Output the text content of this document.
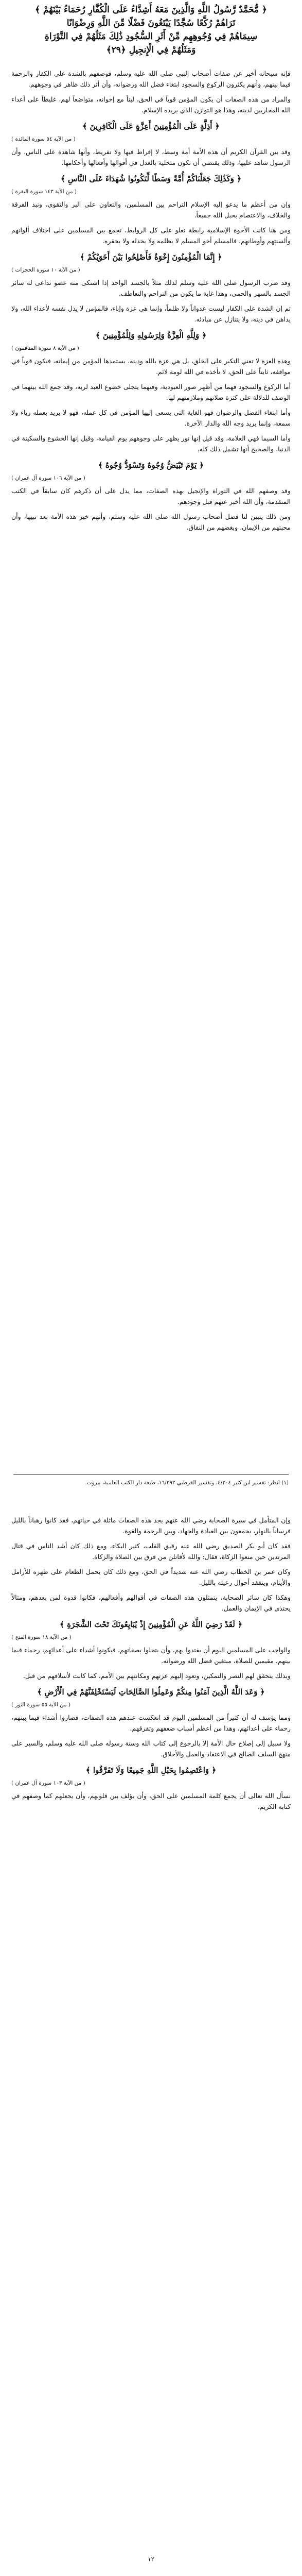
﴿ مُّحَمَّدٌ رَّسُولُ اللَّهِ وَالَّذِينَ مَعَهُ أَشِدَّاءُ عَلَى الْكُفَّارِ رُحَمَاءُ بَيْنَهُمْ ﴾
تَرَاهُمْ رُكَّعًا سُجَّدًا يَبْتَغُونَ فَضْلًا مِّنَ اللَّهِ وَرِضْوَانًا
سِيمَاهُمْ فِي وُجُوهِهِم مِّنْ أَثَرِ السُّجُودِ ذَٰلِكَ مَثَلُهُمْ فِي التَّوْرَاةِ
وَمَثَلُهُمْ فِي الْإِنجِيلِ ﴿٢٩﴾

فإنه سبحانه أخبر عن صفات أصحاب النبي صلى الله عليه وسلم، فوصفهم بالشدة على الكفار والرحمة فيما بينهم، وأنهم يكثرون الركوع والسجود ابتغاء فضل الله ورضوانه، وأن أثر ذلك ظاهر في وجوههم.

والمراد من هذه الصفات أن يكون المؤمن قوياً في الحق، ليناً مع إخوانه، متواضعاً لهم، غليظاً على أعداء الله المحاربين لدينه، وهذا هو التوازن الذي يريده الإسلام.

﴿ أَذِلَّةٍ عَلَى الْمُؤْمِنِينَ أَعِزَّةٍ عَلَى الْكَافِرِينَ ﴾
( من الآية ٥٤ سورة المائدة )

وقد بين القرآن الكريم أن هذه الأمة أمة وسط، لا إفراط فيها ولا تفريط، وأنها شاهدة على الناس، وأن الرسول شاهد عليها، وذلك يقتضي أن تكون متحلية بالعدل في أقوالها وأفعالها وأحكامها.

﴿ وَكَذَٰلِكَ جَعَلْنَاكُمْ أُمَّةً وَسَطًا لِّتَكُونُوا شُهَدَاءَ عَلَى النَّاسِ ﴾
( من الآية ١٤٣ سورة البقرة )

وإن من أعظم ما يدعو إليه الإسلام التراحم بين المسلمين، والتعاون على البر والتقوى، ونبذ الفرقة والخلاف، والاعتصام بحبل الله جميعاً.

ومن هنا كانت الأخوة الإسلامية رابطة تعلو على كل الروابط، تجمع بين المسلمين على اختلاف ألوانهم وألسنتهم وأوطانهم، فالمسلم أخو المسلم لا يظلمه ولا يخذله ولا يحقره.

﴿ إِنَّمَا الْمُؤْمِنُونَ إِخْوَةٌ فَأَصْلِحُوا بَيْنَ أَخَوَيْكُمْ ﴾
( من الآية ١٠ سورة الحجرات )

وقد ضرب الرسول صلى الله عليه وسلم لذلك مثلاً بالجسد الواحد إذا اشتكى منه عضو تداعى له سائر الجسد بالسهر والحمى، وهذا غاية ما يكون من التراحم والتعاطف.

ثم إن الشدة على الكفار ليست عدواناً ولا ظلماً، وإنما هي عزة وإباء، فالمؤمن لا يذل نفسه لأعداء الله، ولا يداهن في دينه، ولا يتنازل عن مبادئه.

﴿ وَلِلَّهِ الْعِزَّةُ وَلِرَسُولِهِ وَلِلْمُؤْمِنِينَ ﴾
( من الآية ٨ سورة المنافقون )

وهذه العزة لا تعني التكبر على الخلق، بل هي عزة بالله ودينه، يستمدها المؤمن من إيمانه، فيكون قوياً في مواقفه، ثابتاً على الحق، لا تأخذه في الله لومة لائم.

أما الركوع والسجود فهما من أظهر صور العبودية، وفيهما يتجلى خضوع العبد لربه، وقد جمع الله بينهما في الوصف للدلالة على كثرة صلاتهم وملازمتهم لها.

وأما ابتغاء الفضل والرضوان فهو الغاية التي يسعى إليها المؤمن في كل عمله، فهو لا يريد بعمله رياء ولا سمعة، وإنما يريد وجه الله والدار الآخرة.

وأما السيما فهي العلامة، وقد قيل إنها نور يظهر على وجوههم يوم القيامة، وقيل إنها الخشوع والسكينة في الدنيا، والصحيح أنها تشمل ذلك كله.

﴿ يَوْمَ تَبْيَضُّ وُجُوهٌ وَتَسْوَدُّ وُجُوهٌ ﴾
( من الآية ١٠٦ سورة آل عمران )

وقد وصفهم الله في التوراة والإنجيل بهذه الصفات، مما يدل على أن ذكرهم كان سابقاً في الكتب المتقدمة، وأن الله أخبر عنهم قبل وجودهم.

ومن ذلك يتبين لنا فضل أصحاب رسول الله صلى الله عليه وسلم، وأنهم خير هذه الأمة بعد نبيها، وأن محبتهم من الإيمان، وبغضهم من النفاق.

(١) انظر: تفسير ابن كثير ٤/٢٠٤، وتفسير القرطبي ١٦/٢٩٢، طبعة دار الكتب العلمية، بيروت.

وإن المتأمل في سيرة الصحابة رضي الله عنهم يجد هذه الصفات ماثلة في حياتهم، فقد كانوا رهباناً بالليل فرساناً بالنهار، يجمعون بين العبادة والجهاد، وبين الرحمة والقوة.

فقد كان أبو بكر الصديق رضي الله عنه رقيق القلب، كثير البكاء، ومع ذلك كان أشد الناس في قتال المرتدين حين منعوا الزكاة، فقال: والله لأقاتلن من فرق بين الصلاة والزكاة.

وكان عمر بن الخطاب رضي الله عنه شديداً في الحق، ومع ذلك كان يحمل الطعام على ظهره للأرامل والأيتام، ويتفقد أحوال رعيته بالليل.

وهكذا كان سائر الصحابة، يتمثلون هذه الصفات في أقوالهم وأفعالهم، فكانوا قدوة لمن بعدهم، ومثالاً يحتذى في الإيمان والعمل.

﴿ لَقَدْ رَضِيَ اللَّهُ عَنِ الْمُؤْمِنِينَ إِذْ يُبَايِعُونَكَ تَحْتَ الشَّجَرَةِ ﴾
( من الآية ١٨ سورة الفتح )

والواجب على المسلمين اليوم أن يقتدوا بهم، وأن يتحلوا بصفاتهم، فيكونوا أشداء على أعدائهم، رحماء فيما بينهم، مقيمين للصلاة، مبتغين فضل الله ورضوانه.

وبذلك يتحقق لهم النصر والتمكين، وتعود إليهم عزتهم ومكانتهم بين الأمم، كما كانت لأسلافهم من قبل.

﴿ وَعَدَ اللَّهُ الَّذِينَ آمَنُوا مِنكُمْ وَعَمِلُوا الصَّالِحَاتِ لَيَسْتَخْلِفَنَّهُمْ فِي الْأَرْضِ ﴾
( من الآية ٥٥ سورة النور )

ومما يؤسف له أن كثيراً من المسلمين اليوم قد انعكست عندهم هذه الصفات، فصاروا أشداء فيما بينهم، رحماء على أعدائهم، وهذا من أعظم أسباب ضعفهم وتفرقهم.

ولا سبيل إلى إصلاح حال الأمة إلا بالرجوع إلى كتاب الله وسنة رسوله صلى الله عليه وسلم، والسير على منهج السلف الصالح في الاعتقاد والعمل والأخلاق.

﴿ وَاعْتَصِمُوا بِحَبْلِ اللَّهِ جَمِيعًا وَلَا تَفَرَّقُوا ﴾
( من الآية ١٠٣ سورة آل عمران )

نسأل الله تعالى أن يجمع كلمة المسلمين على الحق، وأن يؤلف بين قلوبهم، وأن يجعلهم كما وصفهم في كتابه الكريم.

١٢
